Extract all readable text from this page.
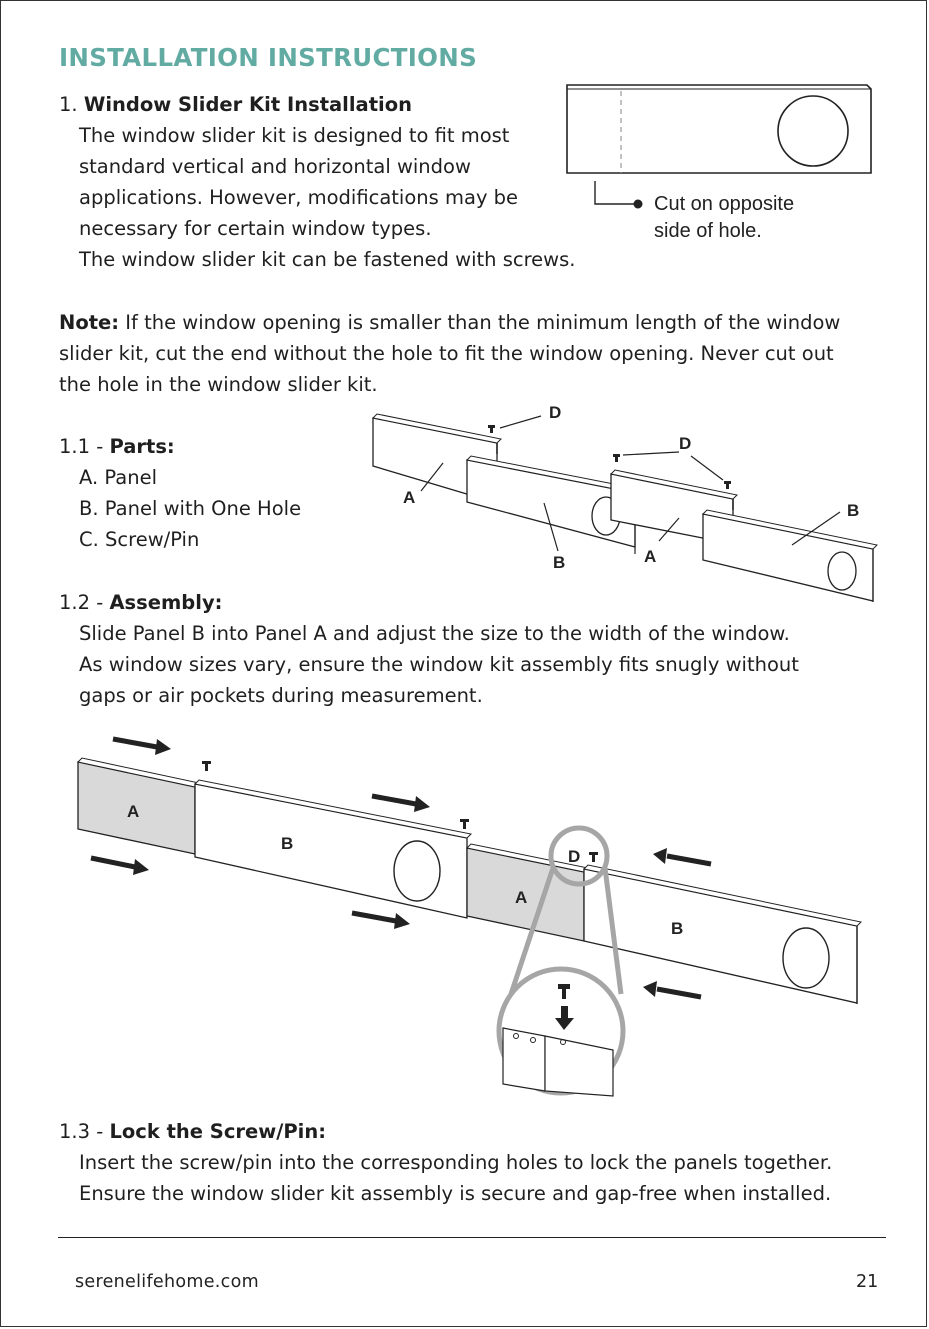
INSTALLATION INSTRUCTIONS
1. Window Slider Kit Installation
The window slider kit is designed to fit most
standard vertical and horizontal window
applications. However, modifications may be
necessary for certain window types.
The window slider kit can be fastened with screws.
Cut on opposite
side of hole.
Note: If the window opening is smaller than the minimum length of the window
slider kit, cut the end without the hole to fit the window opening. Never cut out
the hole in the window slider kit.
1.1 - Parts:
A. Panel
B. Panel with One Hole
C. Screw/Pin
D
D
A
B	A
B
1.2 - Assembly:
Slide Panel B into Panel A and adjust the size to the width of the window.
As window sizes vary, ensure the window kit assembly fits snugly without
gaps or air pockets during measurement.
A
B
A
B
D
1.3 - Lock the Screw/Pin:
Insert the screw/pin into the corresponding holes to lock the panels together.
Ensure the window slider kit assembly is secure and gap-free when installed.
serenelifehome.com	21
